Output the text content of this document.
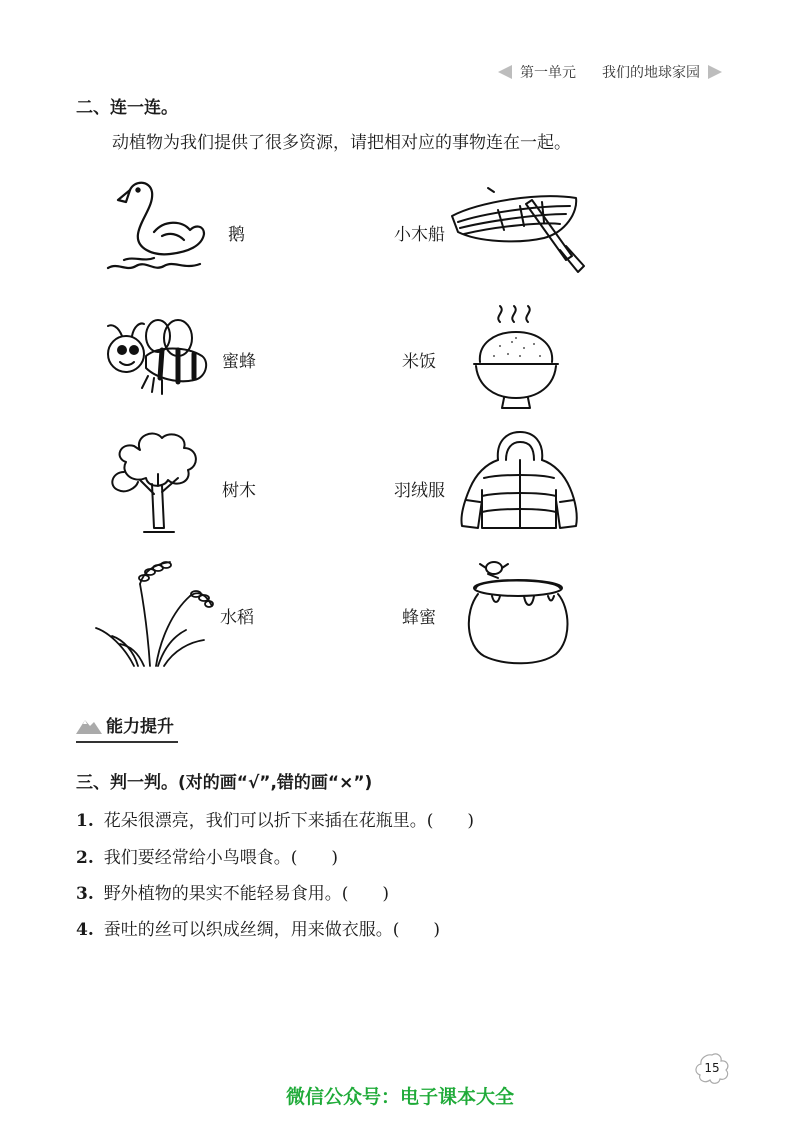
第一单元 我们的地球家园
二、连一连。
动植物为我们提供了很多资源，请把相对应的事物连在一起。
鹅
蜜蜂
树木
水稻
小木船
米饭
羽绒服
蜂蜜
能力提升
三、判一判。(对的画“√”,错的画“×”)
1. 花朵很漂亮，我们可以折下来插在花瓶里。(　　)
2. 我们要经常给小鸟喂食。(　　)
3. 野外植物的果实不能轻易食用。(　　)
4. 蚕吐的丝可以织成丝绸，用来做衣服。(　　)
15
微信公众号：电子课本大全
